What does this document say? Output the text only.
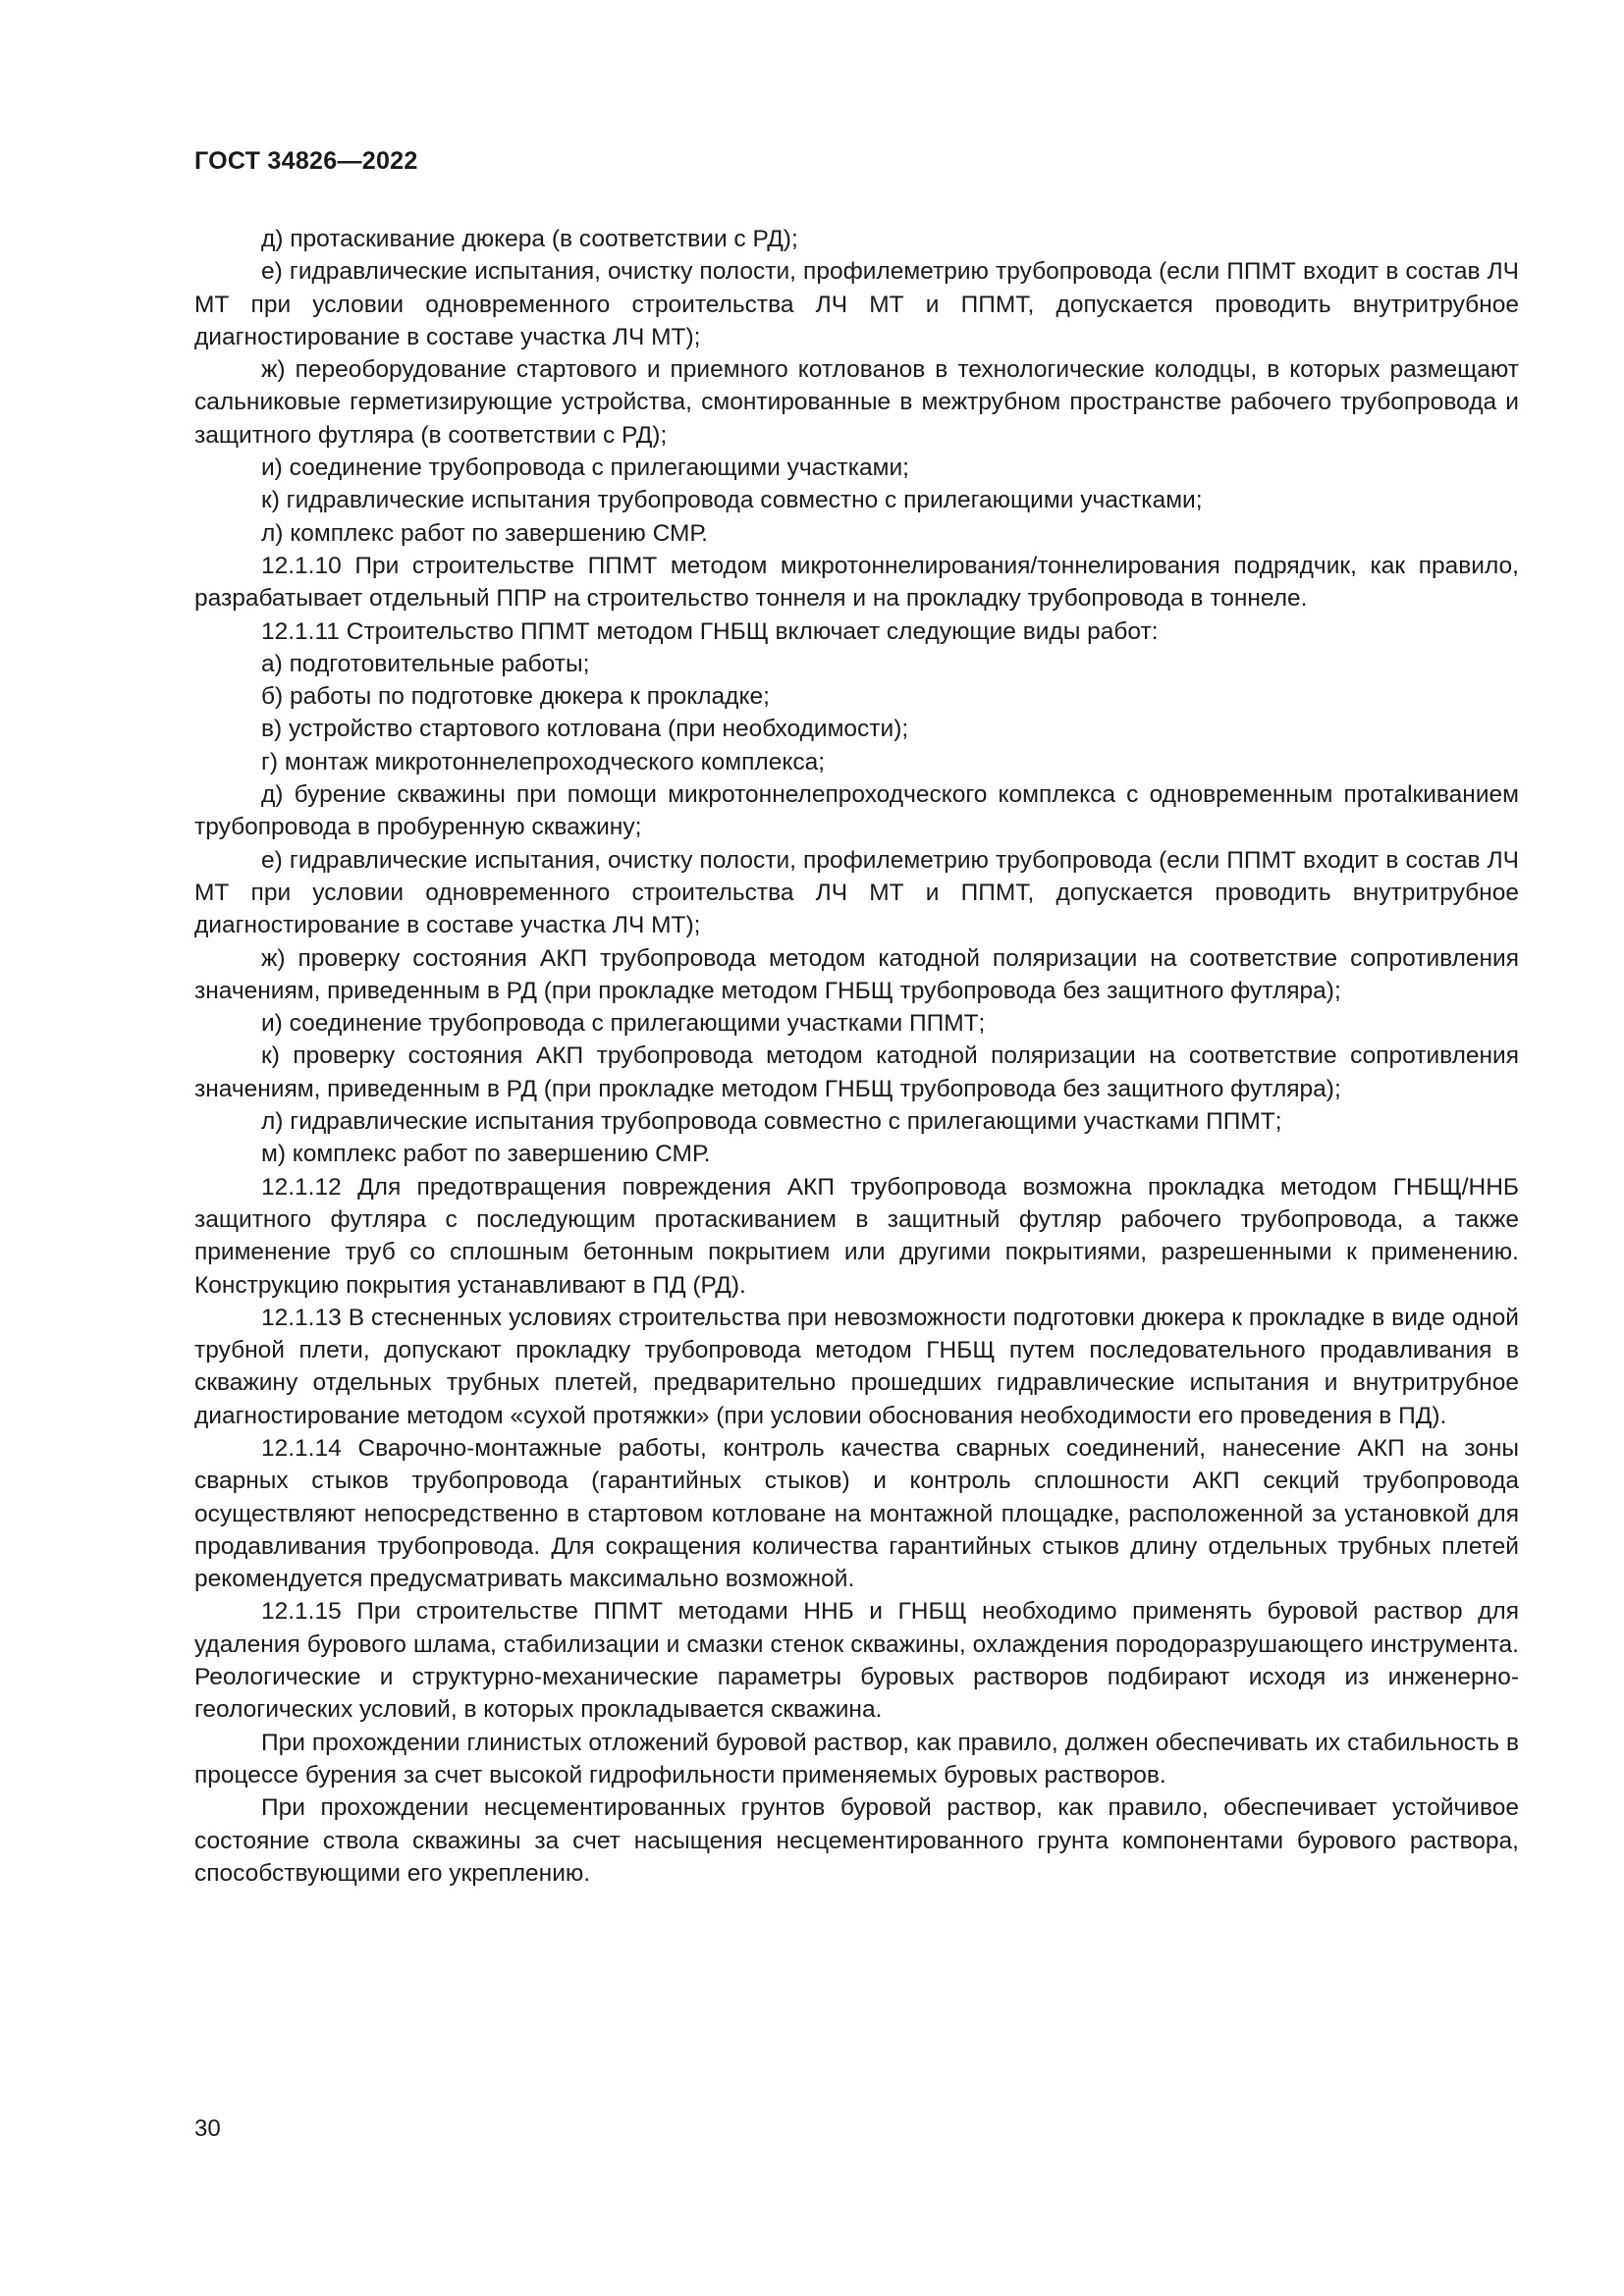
ГОСТ 34826—2022

д) протаскивание дюкера (в соответствии с РД);

е) гидравлические испытания, очистку полости, профилеметрию трубопровода (если ППМТ входит в состав ЛЧ МТ при условии одновременного строительства ЛЧ МТ и ППМТ, допускается проводить внутритрубное диагностирование в составе участка ЛЧ МТ);

ж) переоборудование стартового и приемного котлованов в технологические колодцы, в которых размещают сальниковые герметизирующие устройства, смонтированные в межтрубном пространстве рабочего трубопровода и защитного футляра (в соответствии с РД);

и) соединение трубопровода с прилегающими участками;

к) гидравлические испытания трубопровода совместно с прилегающими участками;

л) комплекс работ по завершению СМР.

12.1.10 При строительстве ППМТ методом микротоннелирования/тоннелирования подрядчик, как правило, разрабатывает отдельный ППР на строительство тоннеля и на прокладку трубопровода в тоннеле.

12.1.11 Строительство ППМТ методом ГНБЩ включает следующие виды работ:

а) подготовительные работы;

б) работы по подготовке дюкера к прокладке;

в) устройство стартового котлована (при необходимости);

г) монтаж микротоннелепроходческого комплекса;

д) бурение скважины при помощи микротоннелепроходческого комплекса с одновременным протаlкиванием трубопровода в пробуренную скважину;

е) гидравлические испытания, очистку полости, профилеметрию трубопровода (если ППМТ входит в состав ЛЧ МТ при условии одновременного строительства ЛЧ МТ и ППМТ, допускается проводить внутритрубное диагностирование в составе участка ЛЧ МТ);

ж) проверку состояния АКП трубопровода методом катодной поляризации на соответствие сопротивления значениям, приведенным в РД (при прокладке методом ГНБЩ трубопровода без защитного футляра);

и) соединение трубопровода с прилегающими участками ППМТ;

к) проверку состояния АКП трубопровода методом катодной поляризации на соответствие сопротивления значениям, приведенным в РД (при прокладке методом ГНБЩ трубопровода без защитного футляра);

л) гидравлические испытания трубопровода совместно с прилегающими участками ППМТ;

м) комплекс работ по завершению СМР.

12.1.12 Для предотвращения повреждения АКП трубопровода возможна прокладка методом ГНБЩ/ННБ защитного футляра с последующим протаскиванием в защитный футляр рабочего трубопровода, а также применение труб со сплошным бетонным покрытием или другими покрытиями, разрешенными к применению. Конструкцию покрытия устанавливают в ПД (РД).

12.1.13 В стесненных условиях строительства при невозможности подготовки дюкера к прокладке в виде одной трубной плети, допускают прокладку трубопровода методом ГНБЩ путем последовательного продавливания в скважину отдельных трубных плетей, предварительно прошедших гидравлические испытания и внутритрубное диагностирование методом «сухой протяжки» (при условии обоснования необходимости его проведения в ПД).

12.1.14 Сварочно-монтажные работы, контроль качества сварных соединений, нанесение АКП на зоны сварных стыков трубопровода (гарантийных стыков) и контроль сплошности АКП секций трубопровода осуществляют непосредственно в стартовом котловане на монтажной площадке, расположенной за установкой для продавливания трубопровода. Для сокращения количества гарантийных стыков длину отдельных трубных плетей рекомендуется предусматривать максимально возможной.

12.1.15 При строительстве ППМТ методами ННБ и ГНБЩ необходимо применять буровой раствор для удаления бурового шлама, стабилизации и смазки стенок скважины, охлаждения породоразрушающего инструмента. Реологические и структурно-механические параметры буровых растворов подбирают исходя из инженерно-геологических условий, в которых прокладывается скважина.

При прохождении глинистых отложений буровой раствор, как правило, должен обеспечивать их стабильность в процессе бурения за счет высокой гидрофильности применяемых буровых растворов.

При прохождении несцементированных грунтов буровой раствор, как правило, обеспечивает устойчивое состояние ствола скважины за счет насыщения несцементированного грунта компонентами бурового раствора, способствующими его укреплению.

30
